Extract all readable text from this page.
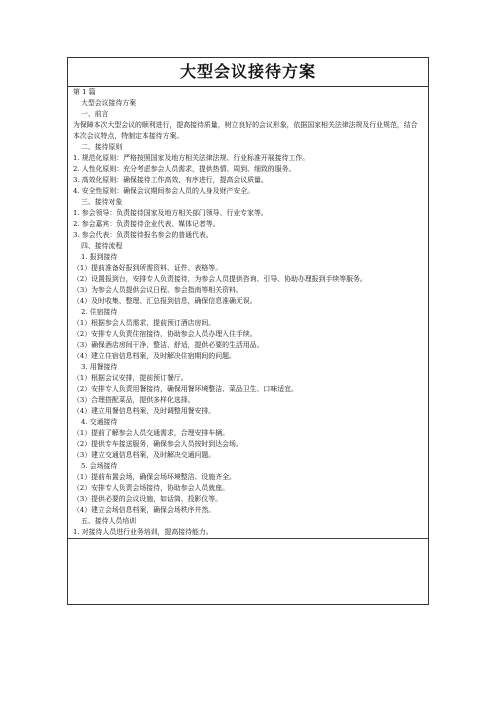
大型会议接待方案
第 1 篇
大型会议接待方案
一、前言
为保障本次大型会议的顺利进行，提高接待质量，树立良好的会议形象，依据国家相关法律法规及行业规范，结合本次会议特点，特制定本接待方案。
二、接待原则
1. 规范化原则：严格按照国家及地方相关法律法规、行业标准开展接待工作。
2. 人性化原则：充分考虑参会人员需求，提供热情、周到、细致的服务。
3. 高效化原则：确保接待工作高效、有序进行，提高会议质量。
4. 安全性原则：确保会议期间参会人员的人身及财产安全。
三、接待对象
1. 参会领导：负责接待国家及地方相关部门领导、行业专家等。
2. 参会嘉宾：负责接待企业代表、媒体记者等。
3. 参会代表：负责接待报名参会的普通代表。
四、接待流程
1. 报到接待
（1）提前准备好报到所需资料、证件、表格等。
（2）设置报到台，安排专人负责接待，为参会人员提供咨询、引导、协助办理报到手续等服务。
（3）为参会人员提供会议日程、参会指南等相关资料。
（4）及时收集、整理、汇总报到信息，确保信息准确无误。
2. 住宿接待
（1）根据参会人员需求，提前预订酒店房间。
（2）安排专人负责住宿接待，协助参会人员办理入住手续。
（3）确保酒店房间干净、整洁、舒适，提供必要的生活用品。
（4）建立住宿信息档案，及时解决住宿期间的问题。
3. 用餐接待
（1）根据会议安排，提前预订餐厅。
（2）安排专人负责用餐接待，确保用餐环境整洁、菜品卫生、口味适宜。
（3）合理搭配菜品，提供多样化选择。
（4）建立用餐信息档案，及时调整用餐安排。
4. 交通接待
（1）提前了解参会人员交通需求，合理安排车辆。
（2）提供专车接送服务，确保参会人员按时到达会场。
（3）建立交通信息档案，及时解决交通问题。
5. 会场接待
（1）提前布置会场，确保会场环境整洁、设施齐全。
（2）安排专人负责会场接待，协助参会人员就座。
（3）提供必要的会议设施，如话筒、投影仪等。
（4）建立会场信息档案，确保会场秩序井然。
五、接待人员培训
1. 对接待人员进行业务培训，提高接待能力。
